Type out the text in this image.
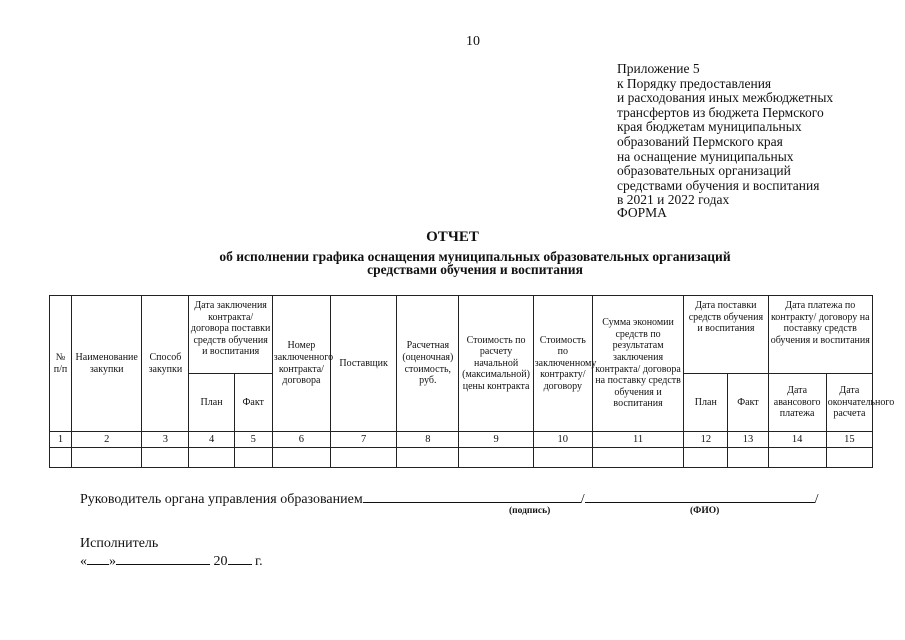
10
Приложение 5
к Порядку предоставления
и расходования иных межбюджетных
трансфертов из бюджета Пермского
края бюджетам муниципальных
образований Пермского края
на оснащение муниципальных
образовательных организаций
средствами обучения и воспитания
в 2021 и 2022 годах
ФОРМА
ОТЧЕТ
об исполнении графика оснащения муниципальных образовательных организаций
средствами обучения и воспитания
№ п/п	Наименование закупки	Способ закупки	Дата заключения контракта/ договора поставки средств обучения и воспитания		Номер заключенного контракта/ договора	Поставщик	Расчетная (оценочная) стоимость, руб.	Стоимость по расчету начальной (максимальной) цены контракта	Стоимость по заключенному контракту/ договору	Сумма экономии средств по результатам заключения контракта/ договора на поставку средств обучения и воспитания	Дата поставки средств обучения и воспитания		Дата платежа по контракту/ договору на поставку средств обучения и воспитания	
			План	Факт							План	Факт	Дата авансового платежа	Дата окончательного расчета
1	2	3	4	5	6	7	8	9	10	11	12	13	14	15

Руководитель органа управления образованием	/	/
(подпись)	(ФИО)
Исполнитель
« »	20 г.
